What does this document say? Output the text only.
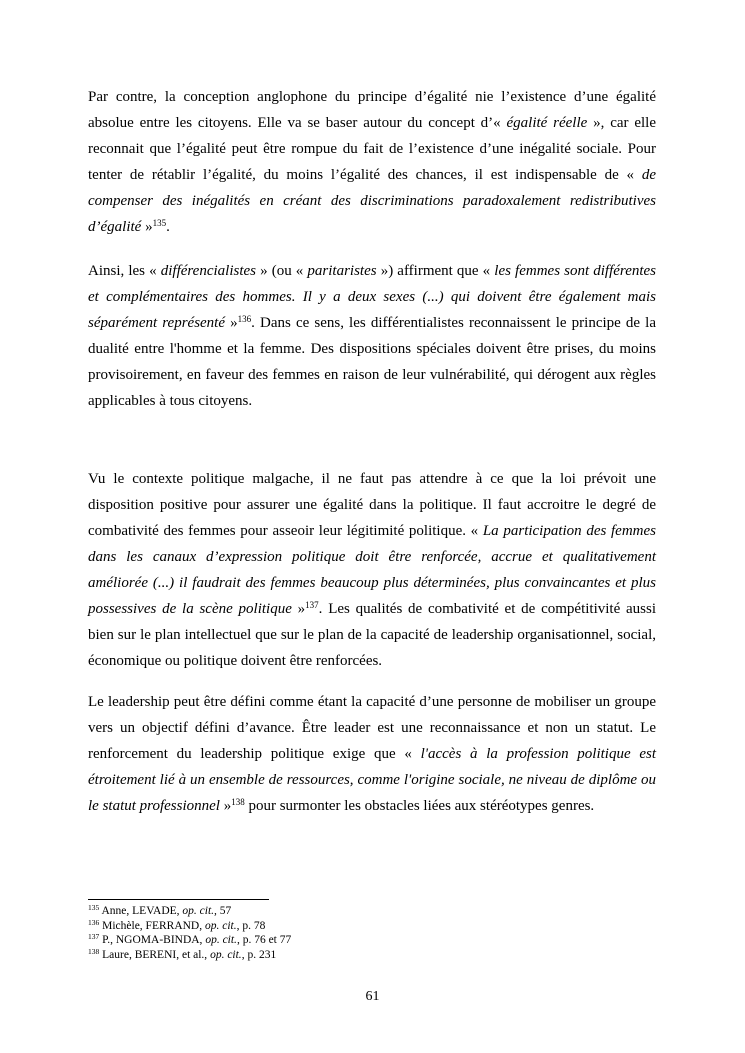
Par contre, la conception anglophone du principe d’égalité nie l’existence d’une égalité absolue entre les citoyens. Elle va se baser autour du concept d’« égalité réelle », car elle reconnait que l’égalité peut être rompue du fait de l’existence d’une inégalité sociale. Pour tenter de rétablir l’égalité, du moins l’égalité des chances, il est indispensable de « de compenser des inégalités en créant des discriminations paradoxalement redistributives d’égalité »$^{135}$.

Ainsi, les « différencialistes » (ou « paritaristes ») affirment que « les femmes sont différentes et complémentaires des hommes. Il y a deux sexes (...) qui doivent être également mais séparément représenté »$^{136}$. Dans ce sens, les différentialistes reconnaissent le principe de la dualité entre l'homme et la femme. Des dispositions spéciales doivent être prises, du moins provisoirement, en faveur des femmes en raison de leur vulnérabilité, qui dérogent aux règles applicables à tous citoyens.

Vu le contexte politique malgache, il ne faut pas attendre à ce que la loi prévoit une disposition positive pour assurer une égalité dans la politique. Il faut accroitre le degré de combativité des femmes pour asseoir leur légitimité politique. « La participation des femmes dans les canaux d’expression politique doit être renforcée, accrue et qualitativement améliorée (...) il faudrait des femmes beaucoup plus déterminées, plus convaincantes et plus possessives de la scène politique »$^{137}$. Les qualités de combativité et de compétitivité aussi bien sur le plan intellectuel que sur le plan de la capacité de leadership organisationnel, social, économique ou politique doivent être renforcées.

Le leadership peut être défini comme étant la capacité d’une personne de mobiliser un groupe vers un objectif défini d’avance. Être leader est une reconnaissance et non un statut. Le renforcement du leadership politique exige que « l'accès à la profession politique est étroitement lié à un ensemble de ressources, comme l'origine sociale, ne niveau de diplôme ou le statut professionnel »$^{138}$ pour surmonter les obstacles liées aux stéréotypes genres.

$^{135}$ Anne, LEVADE, op. cit., 57

$^{136}$ Michèle, FERRAND, op. cit., p. 78

$^{137}$ P., NGOMA-BINDA, op. cit., p. 76 et 77

$^{138}$ Laure, BERENI, et al., op. cit., p. 231

61
